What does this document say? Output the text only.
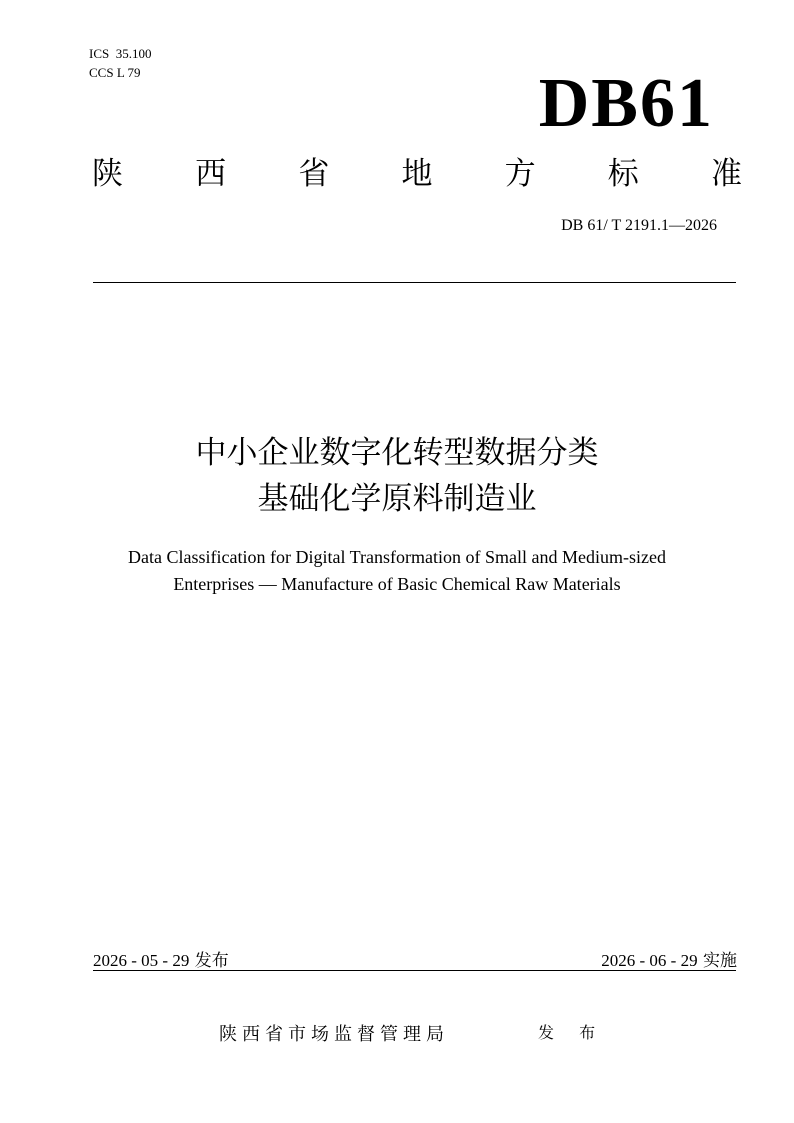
ICS  35.100
CCS L 79	DB61
陕 西 省 地 方 标 准
DB 61/ T 2191.1—2026
中小企业数字化转型数据分类
基础化学原料制造业
Data Classification for Digital Transformation of Small and Medium-sized
Enterprises — Manufacture of Basic Chemical Raw Materials
2026 - 05 - 29 发布	2026 - 06 - 29 实施
陕西省市场监督管理局	发 布
